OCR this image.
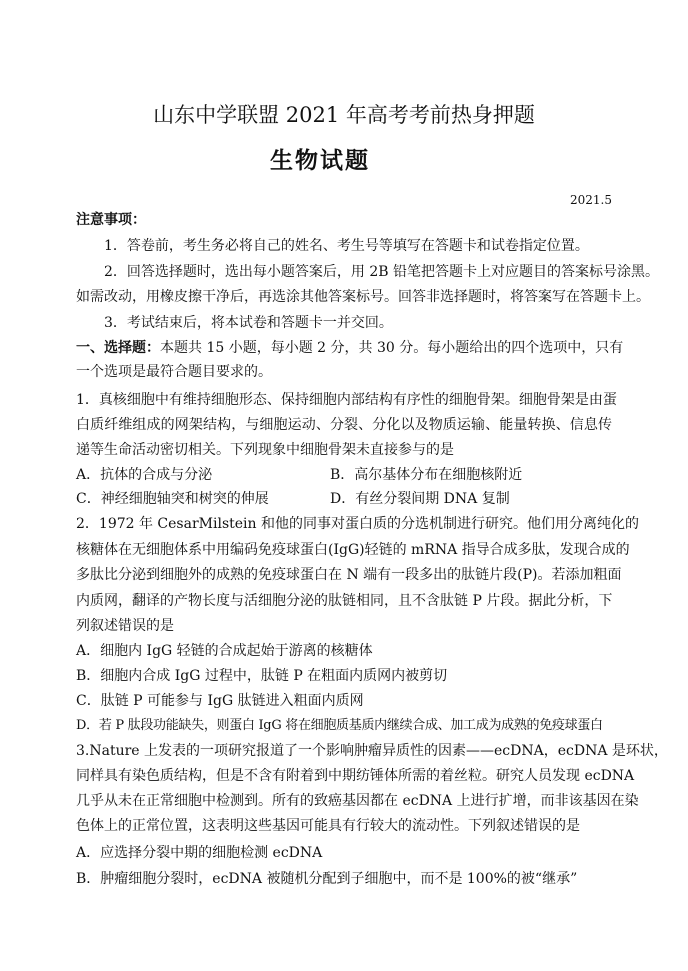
山东中学联盟 2021 年高考考前热身押题
生物试题
2021.5
注意事项：
1．答卷前，考生务必将自己的姓名、考生号等填写在答题卡和试卷指定位置。
2．回答选择题时，选出每小题答案后，用 2B 铅笔把答题卡上对应题目的答案标号涂黑。
如需改动，用橡皮擦干净后，再选涂其他答案标号。回答非选择题时，将答案写在答题卡上。
3．考试结束后，将本试卷和答题卡一并交回。
一、选择题：本题共 15 小题，每小题 2 分，共 30 分。每小题给出的四个选项中，只有
一个选项是最符合题目要求的。
1．真核细胞中有维持细胞形态、保持细胞内部结构有序性的细胞骨架。细胞骨架是由蛋
白质纤维组成的网架结构，与细胞运动、分裂、分化以及物质运输、能量转换、信息传
递等生命活动密切相关。下列现象中细胞骨架未直接参与的是
A．抗体的合成与分泌	B．高尔基体分布在细胞核附近
C．神经细胞轴突和树突的伸展	D．有丝分裂间期 DNA 复制
2．1972 年 CesarMilstein 和他的同事对蛋白质的分选机制进行研究。他们用分离纯化的
核糖体在无细胞体系中用编码免疫球蛋白(IgG)轻链的 mRNA 指导合成多肽，发现合成的
多肽比分泌到细胞外的成熟的免疫球蛋白在 N 端有一段多出的肽链片段(P)。若添加粗面
内质网，翻译的产物长度与活细胞分泌的肽链相同，且不含肽链 P 片段。据此分析，下
列叙述错误的是
A．细胞内 IgG 轻链的合成起始于游离的核糖体
B．细胞内合成 IgG 过程中，肽链 P 在粗面内质网内被剪切
C．肽链 P 可能参与 IgG 肽链进入粗面内质网
D．若 P 肽段功能缺失，则蛋白 IgG 将在细胞质基质内继续合成、加工成为成熟的免疫球蛋白
3.Nature 上发表的一项研究报道了一个影响肿瘤异质性的因素——ecDNA，ecDNA 是环状，
同样具有染色质结构，但是不含有附着到中期纺锤体所需的着丝粒。研究人员发现 ecDNA
几乎从未在正常细胞中检测到。所有的致癌基因都在 ecDNA 上进行扩增，而非该基因在染
色体上的正常位置，这表明这些基因可能具有行较大的流动性。下列叙述错误的是
A．应选择分裂中期的细胞检测 ecDNA
B．肿瘤细胞分裂时，ecDNA 被随机分配到子细胞中，而不是 100%的被“继承”
